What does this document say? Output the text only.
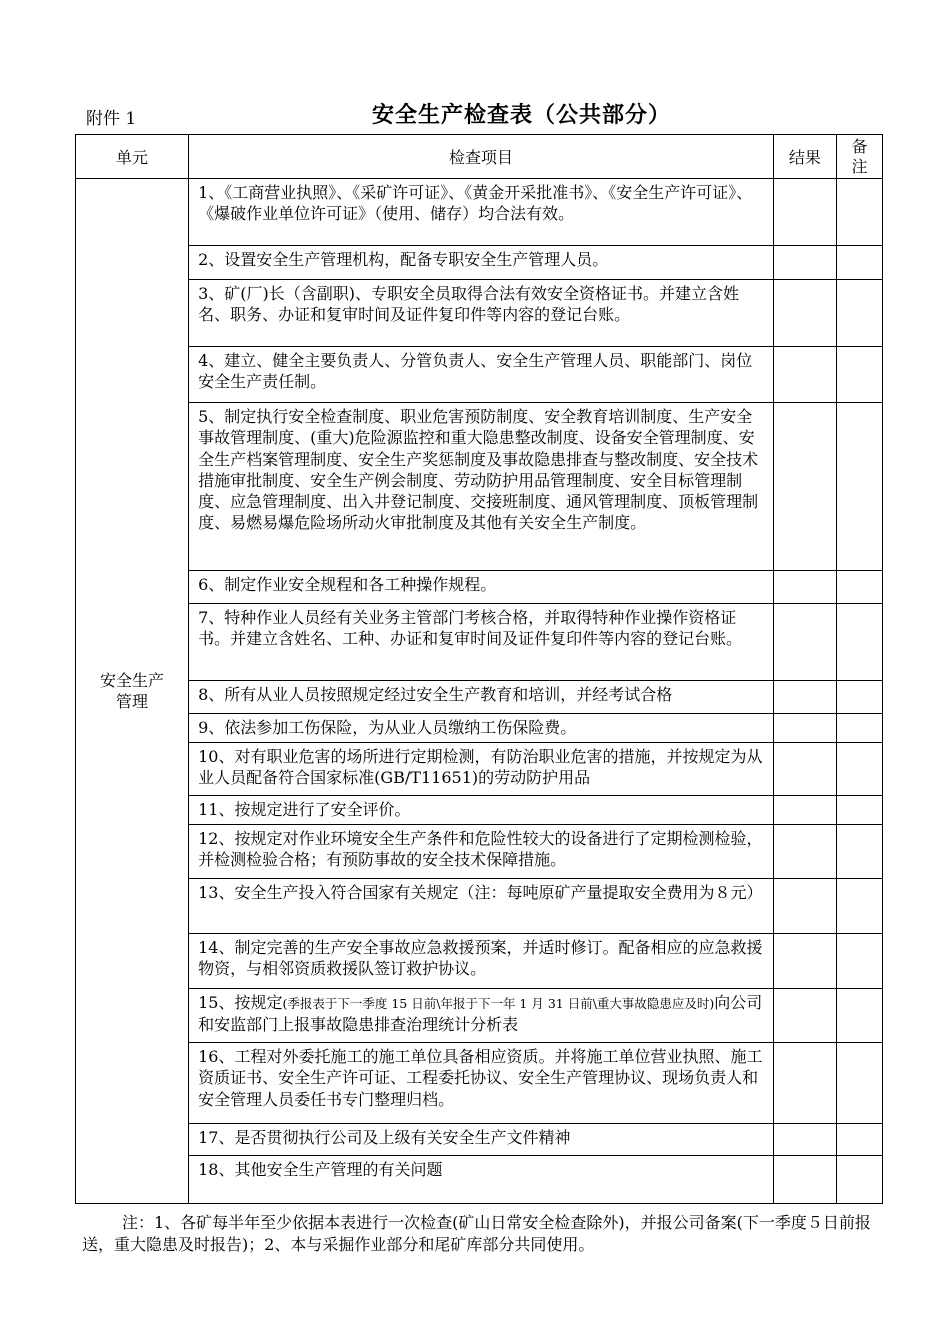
附件 1	安全生产检查表（公共部分）
单元	检查项目	结果	备注
安全生产管理	1、《工商营业执照》、《采矿许可证》、《黄金开采批准书》、《安全生产许可证》、《爆破作业单位许可证》（使用、储存）均合法有效。		
	2、设置安全生产管理机构，配备专职安全生产管理人员。		
	3、矿(厂)长（含副职)、专职安全员取得合法有效安全资格证书。并建立含姓名、职务、办证和复审时间及证件复印件等内容的登记台账。		
	4、建立、健全主要负责人、分管负责人、安全生产管理人员、职能部门、岗位安全生产责任制。		
	5、制定执行安全检查制度、职业危害预防制度、安全教育培训制度、生产安全事故管理制度、(重大)危险源监控和重大隐患整改制度、设备安全管理制度、安全生产档案管理制度、安全生产奖惩制度及事故隐患排查与整改制度、安全技术措施审批制度、安全生产例会制度、劳动防护用品管理制度、安全目标管理制度、应急管理制度、出入井登记制度、交接班制度、通风管理制度、顶板管理制度、易燃易爆危险场所动火审批制度及其他有关安全生产制度。		
	6、制定作业安全规程和各工种操作规程。		
	7、特种作业人员经有关业务主管部门考核合格，并取得特种作业操作资格证书。并建立含姓名、工种、办证和复审时间及证件复印件等内容的登记台账。		
	8、所有从业人员按照规定经过安全生产教育和培训，并经考试合格		
	9、依法参加工伤保险，为从业人员缴纳工伤保险费。		
	10、对有职业危害的场所进行定期检测，有防治职业危害的措施，并按规定为从业人员配备符合国家标准(GB/T11651)的劳动防护用品		
	11、按规定进行了安全评价。		
	12、按规定对作业环境安全生产条件和危险性较大的设备进行了定期检测检验，并检测检验合格；有预防事故的安全技术保障措施。		
	13、安全生产投入符合国家有关规定（注：每吨原矿产量提取安全费用为８元）		
	14、制定完善的生产安全事故应急救援预案，并适时修订。配备相应的应急救援物资，与相邻资质救援队签订救护协议。		
	15、按规定(季报表于下一季度 15 日前\年报于下一年 1 月 31 日前\重大事故隐患应及时)向公司和安监部门上报事故隐患排查治理统计分析表		
	16、工程对外委托施工的施工单位具备相应资质。并将施工单位营业执照、施工资质证书、安全生产许可证、工程委托协议、安全生产管理协议、现场负责人和安全管理人员委任书专门整理归档。		
	17、是否贯彻执行公司及上级有关安全生产文件精神		
	18、其他安全生产管理的有关问题		
注：1、各矿每半年至少依据本表进行一次检查(矿山日常安全检查除外)，并报公司备案(下一季度５日前报送，重大隐患及时报告)；2、本与采掘作业部分和尾矿库部分共同使用。
